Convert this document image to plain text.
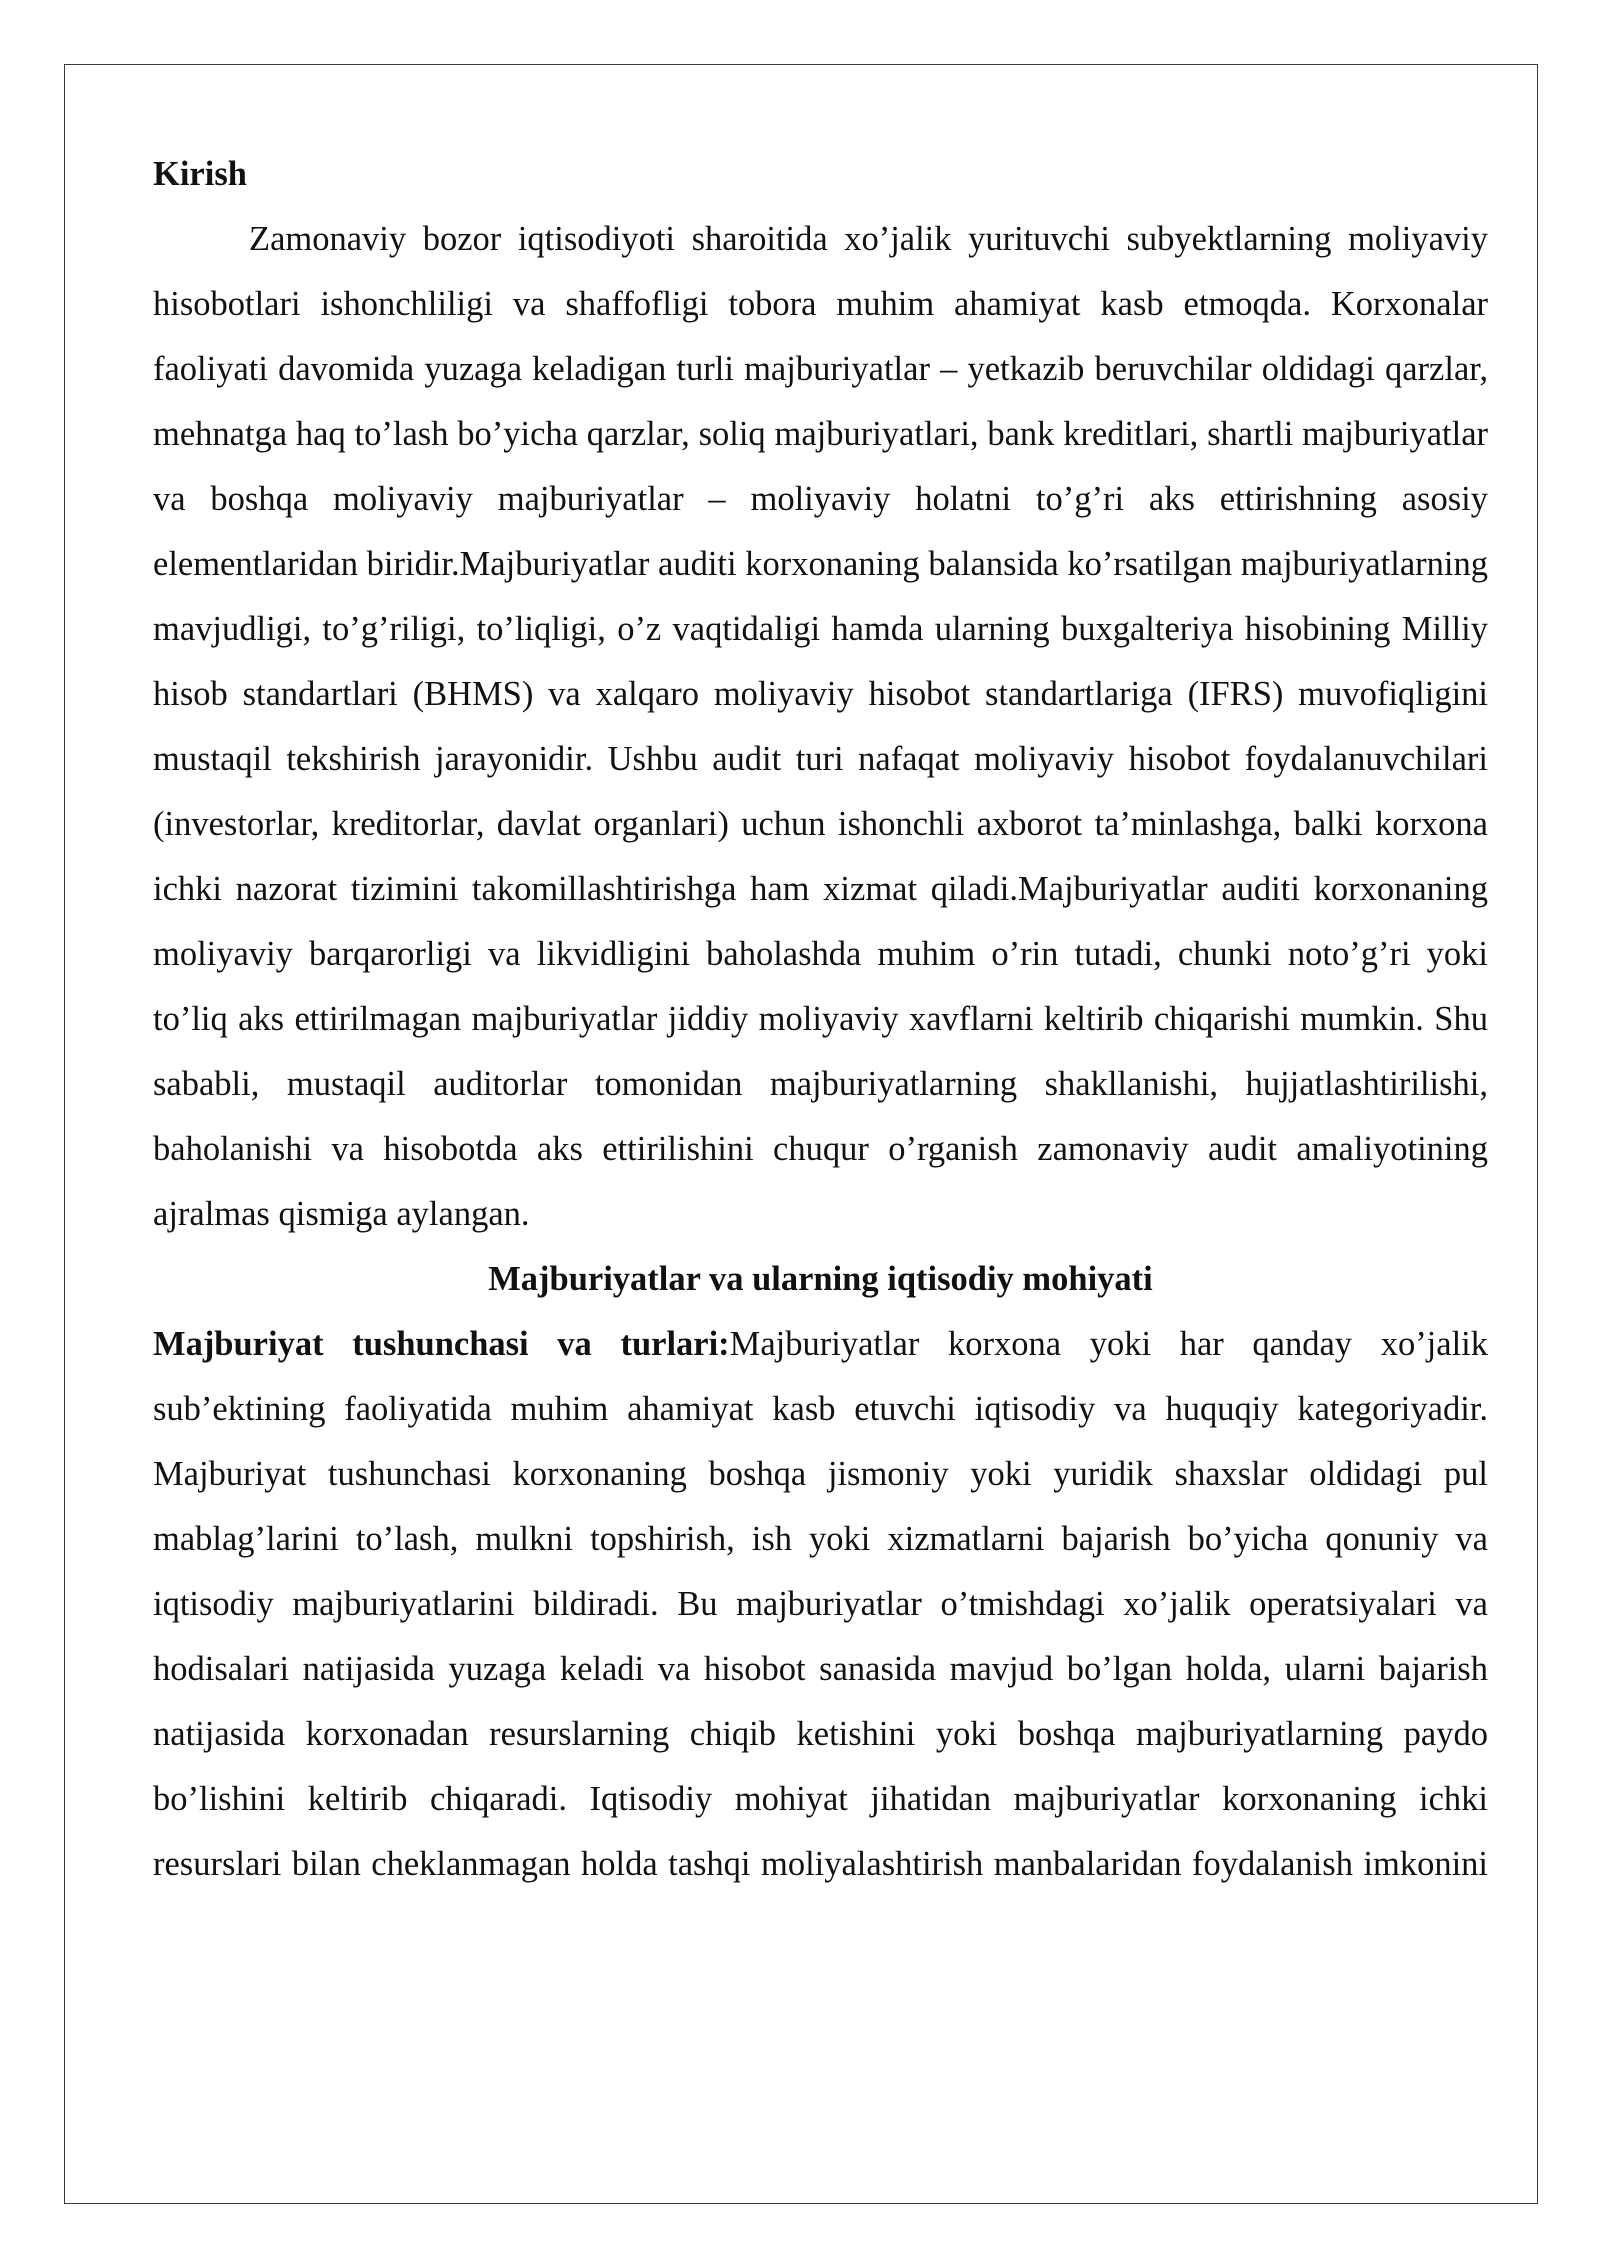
Kirish

Zamonaviy bozor iqtisodiyoti sharoitida xo’jalik yurituvchi subyektlarning moliyaviy hisobotlari ishonchliligi va shaffofligi tobora muhim ahamiyat kasb etmoqda. Korxonalar faoliyati davomida yuzaga keladigan turli majburiyatlar – yetkazib beruvchilar oldidagi qarzlar, mehnatga haq to’lash bo’yicha qarzlar, soliq majburiyatlari, bank kreditlari, shartli majburiyatlar va boshqa moliyaviy majburiyatlar – moliyaviy holatni to’g’ri aks ettirishning asosiy elementlaridan biridir.Majburiyatlar auditi korxonaning balansida ko’rsatilgan majburiyatlarning mavjudligi, to’g’riligi, to’liqligi, o’z vaqtidaligi hamda ularning buxgalteriya hisobining Milliy hisob standartlari (BHMS) va xalqaro moliyaviy hisobot standartlariga (IFRS) muvofiqligini mustaqil tekshirish jarayonidir. Ushbu audit turi nafaqat moliyaviy hisobot foydalanuvchilari (investorlar, kreditorlar, davlat organlari) uchun ishonchli axborot ta’minlashga, balki korxona ichki nazorat tizimini takomillashtirishga ham xizmat qiladi.Majburiyatlar auditi korxonaning moliyaviy barqarorligi va likvidligini baholashda muhim o’rin tutadi, chunki noto’g’ri yoki to’liq aks ettirilmagan majburiyatlar jiddiy moliyaviy xavflarni keltirib chiqarishi mumkin. Shu sababli, mustaqil auditorlar tomonidan majburiyatlarning shakllanishi, hujjatlashtirilishi, baholanishi va hisobotda aks ettirilishini chuqur o’rganish zamonaviy audit amaliyotining ajralmas qismiga aylangan.

Majburiyatlar va ularning iqtisodiy mohiyati

Majburiyat tushunchasi va turlari:Majburiyatlar korxona yoki har qanday xo’jalik sub’ektining faoliyatida muhim ahamiyat kasb etuvchi iqtisodiy va huquqiy kategoriyadir. Majburiyat tushunchasi korxonaning boshqa jismoniy yoki yuridik shaxslar oldidagi pul mablag’larini to’lash, mulkni topshirish, ish yoki xizmatlarni bajarish bo’yicha qonuniy va iqtisodiy majburiyatlarini bildiradi. Bu majburiyatlar o’tmishdagi xo’jalik operatsiyalari va hodisalari natijasida yuzaga keladi va hisobot sanasida mavjud bo’lgan holda, ularni bajarish natijasida korxonadan resurslarning chiqib ketishini yoki boshqa majburiyatlarning paydo bo’lishini keltirib chiqaradi. Iqtisodiy mohiyat jihatidan majburiyatlar korxonaning ichki resurslari bilan cheklanmagan holda tashqi moliyalashtirish manbalaridan foydalanish imkonini
